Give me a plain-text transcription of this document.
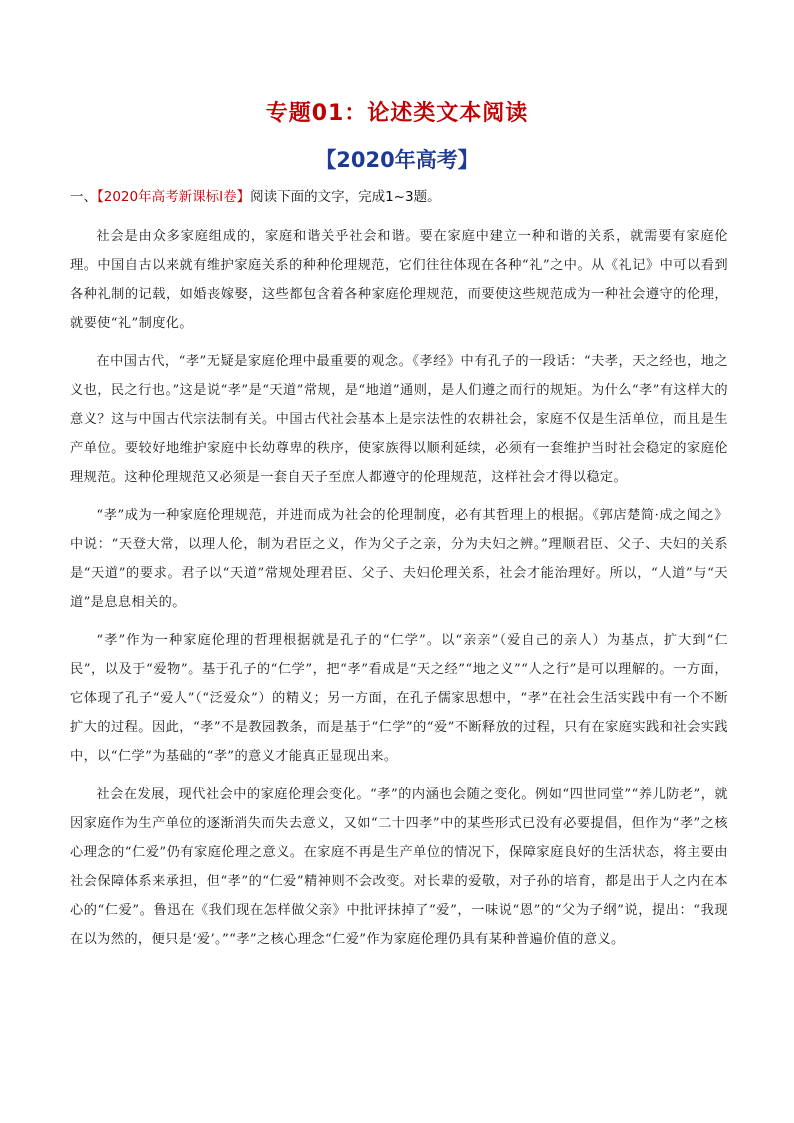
专题01：论述类文本阅读
【2020年高考】
一、【2020年高考新课标Ⅰ卷】阅读下面的文字，完成1~3题。

社会是由众多家庭组成的，家庭和谐关乎社会和谐。要在家庭中建立一种和谐的关系，就需要有家庭伦理。中国自古以来就有维护家庭关系的种种伦理规范，它们往往体现在各种“礼”之中。从《礼记》中可以看到各种礼制的记载，如婚丧嫁娶，这些都包含着各种家庭伦理规范，而要使这些规范成为一种社会遵守的伦理，就要使“礼”制度化。

在中国古代，“孝”无疑是家庭伦理中最重要的观念。《孝经》中有孔子的一段话：“夫孝，天之经也，地之义也，民之行也。”这是说“孝”是“天道”常规，是“地道”通则，是人们遵之而行的规矩。为什么“孝”有这样大的意义？这与中国古代宗法制有关。中国古代社会基本上是宗法性的农耕社会，家庭不仅是生活单位，而且是生产单位。要较好地维护家庭中长幼尊卑的秩序，使家族得以顺利延续，必须有一套维护当时社会稳定的家庭伦理规范。这种伦理规范又必须是一套自天子至庶人都遵守的伦理规范，这样社会才得以稳定。

“孝”成为一种家庭伦理规范，并进而成为社会的伦理制度，必有其哲理上的根据。《郭店楚简·成之闻之》中说：“天登大常，以理人伦，制为君臣之义，作为父子之亲，分为夫妇之辨。”理顺君臣、父子、夫妇的关系是“天道”的要求。君子以“天道”常规处理君臣、父子、夫妇伦理关系，社会才能治理好。所以，“人道”与“天道”是息息相关的。

“孝”作为一种家庭伦理的哲理根据就是孔子的“仁学”。以“亲亲”（爱自己的亲人）为基点，扩大到“仁民”，以及于“爱物”。基于孔子的“仁学”，把“孝”看成是“天之经”“地之义”“人之行”是可以理解的。一方面，它体现了孔子“爱人”（“泛爱众”）的精义；另一方面，在孔子儒家思想中，“孝”在社会生活实践中有一个不断扩大的过程。因此，“孝”不是教园教条，而是基于“仁学”的“爱”不断释放的过程，只有在家庭实践和社会实践中，以“仁学”为基础的“孝”的意义才能真正显现出来。

社会在发展，现代社会中的家庭伦理会变化。“孝”的内涵也会随之变化。例如“四世同堂”“养儿防老”，就因家庭作为生产单位的逐渐消失而失去意义，又如“二十四孝”中的某些形式已没有必要提倡，但作为“孝”之核心理念的“仁爱”仍有家庭伦理之意义。在家庭不再是生产单位的情况下，保障家庭良好的生活状态，将主要由社会保障体系来承担，但“孝”的“仁爱”精神则不会改变。对长辈的爱敬，对子孙的培育，都是出于人之内在本心的“仁爱”。鲁迅在《我们现在怎样做父亲》中批评抹掉了“爱”，一味说“恩”的“父为子纲”说，提出：“我现在以为然的，便只是‘爱’。”“孝”之核心理念“仁爱”作为家庭伦理仍具有某种普遍价值的意义。
